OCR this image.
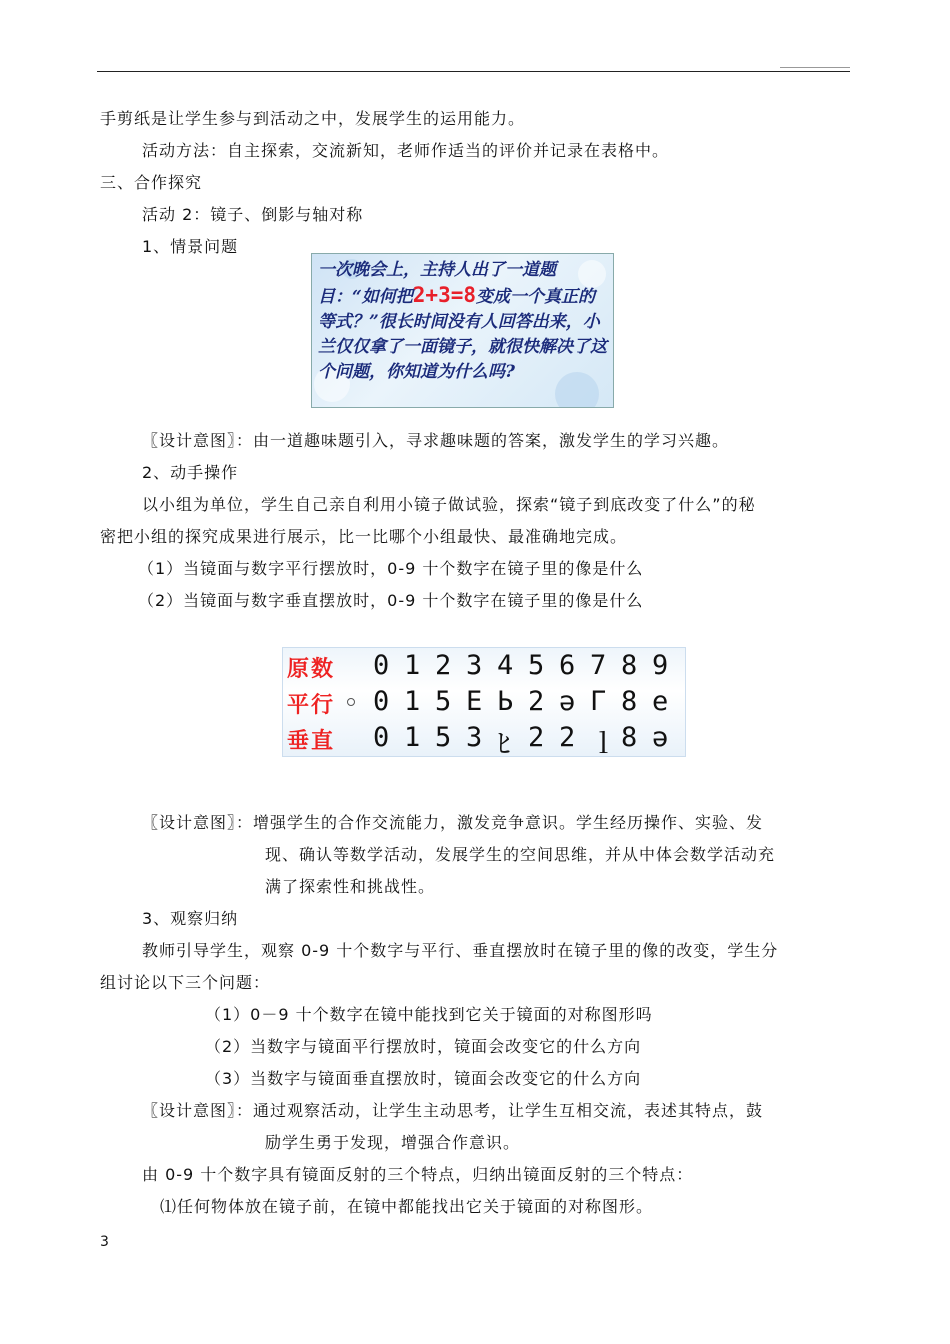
手剪纸是让学生参与到活动之中，发展学生的运用能力。
活动方法：自主探索，交流新知，老师作适当的评价并记录在表格中。
三、合作探究
活动 2：镜子、倒影与轴对称
1、情景问题
一次晚会上，主持人出了一道题目：“如何把2+3=8变成一个真正的等式？”很长时间没有人回答出来，小兰仅仅拿了一面镜子，就很快解决了这个问题，你知道为什么吗?
〖设计意图〗：由一道趣味题引入，寻求趣味题的答案，激发学生的学习兴趣。
2、动手操作
以小组为单位，学生自己亲自利用小镜子做试验，探索“镜子到底改变了什么”的秘
密把小组的探究成果进行展示，比一比哪个小组最快、最准确地完成。
（1）当镜面与数字平行摆放时，0-9 十个数字在镜子里的像是什么
（2）当镜面与数字垂直摆放时，0-9 十个数字在镜子里的像是什么
原数 0 1 2 3 4 5 6 7 8 9
平行 0 1 5 E Ь 2 ə Γ 8 e
垂直 0 1 5 3 ﾋ 2 2 ｌ 8 ə
〖设计意图〗：增强学生的合作交流能力，激发竞争意识。学生经历操作、实验、发
现、确认等数学活动，发展学生的空间思维，并从中体会数学活动充
满了探索性和挑战性。
3、观察归纳
教师引导学生，观察 0-9 十个数字与平行、垂直摆放时在镜子里的像的改变，学生分
组讨论以下三个问题：
（1）0－9 十个数字在镜中能找到它关于镜面的对称图形吗
（2）当数字与镜面平行摆放时，镜面会改变它的什么方向
（3）当数字与镜面垂直摆放时，镜面会改变它的什么方向
〖设计意图〗：通过观察活动，让学生主动思考，让学生互相交流，表述其特点，鼓
励学生勇于发现，增强合作意识。
由 0-9 十个数字具有镜面反射的三个特点，归纳出镜面反射的三个特点：
⑴任何物体放在镜子前，在镜中都能找出它关于镜面的对称图形。
3
